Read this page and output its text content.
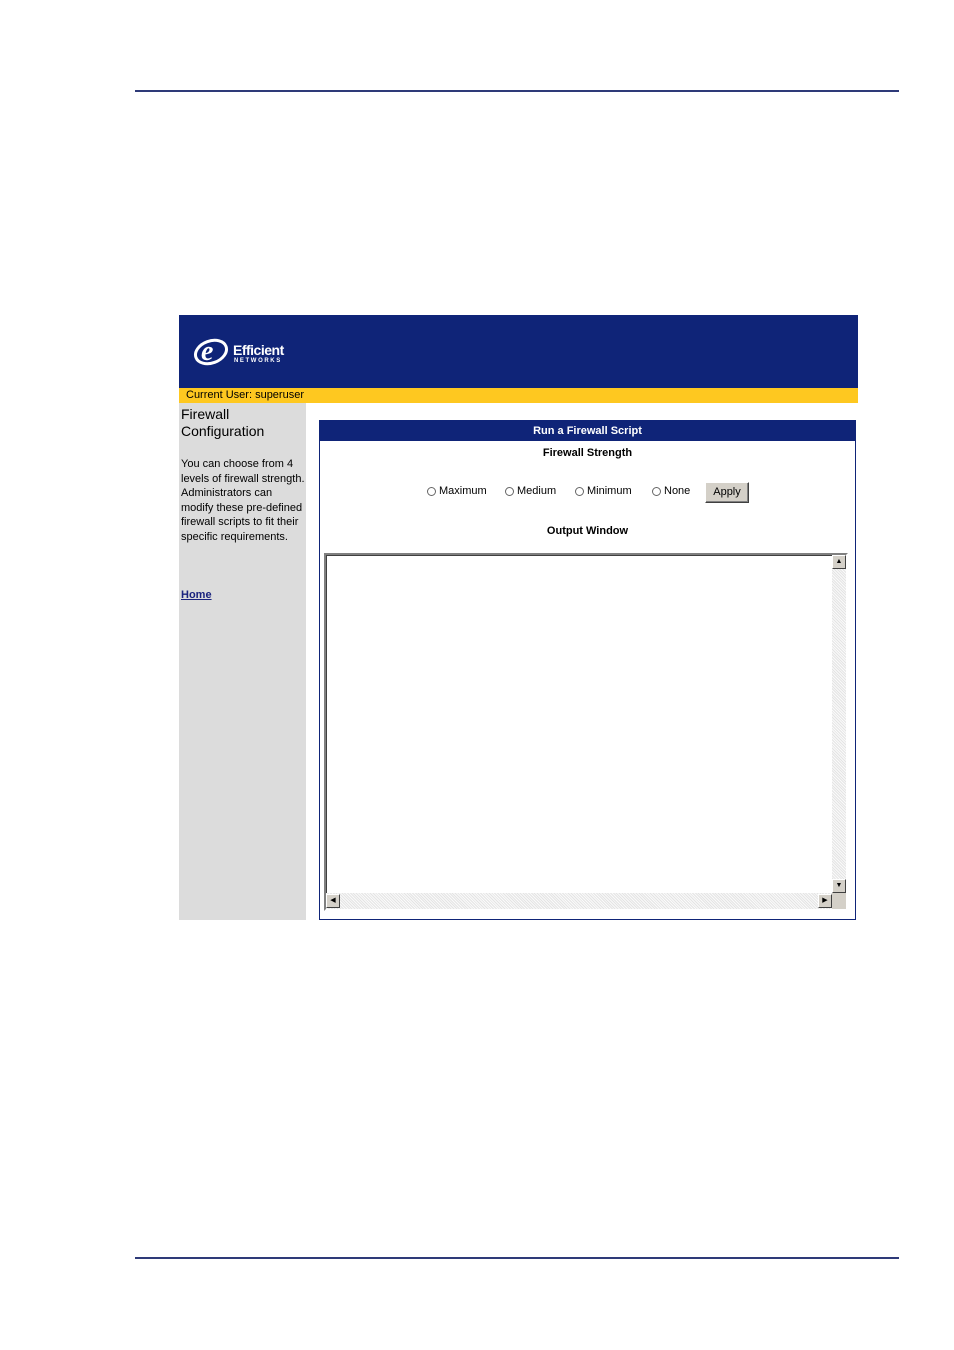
e Efficient
NETWORKS
Current User: superuser
Firewall Configuration
You can choose from 4 levels of firewall strength. Administrators can modify these pre-defined firewall scripts to fit their specific requirements.
Home
Run a Firewall Script
Firewall Strength
Maximum	Medium	Minimum	None	Apply
Output Window
▲
▼
◀	▶
